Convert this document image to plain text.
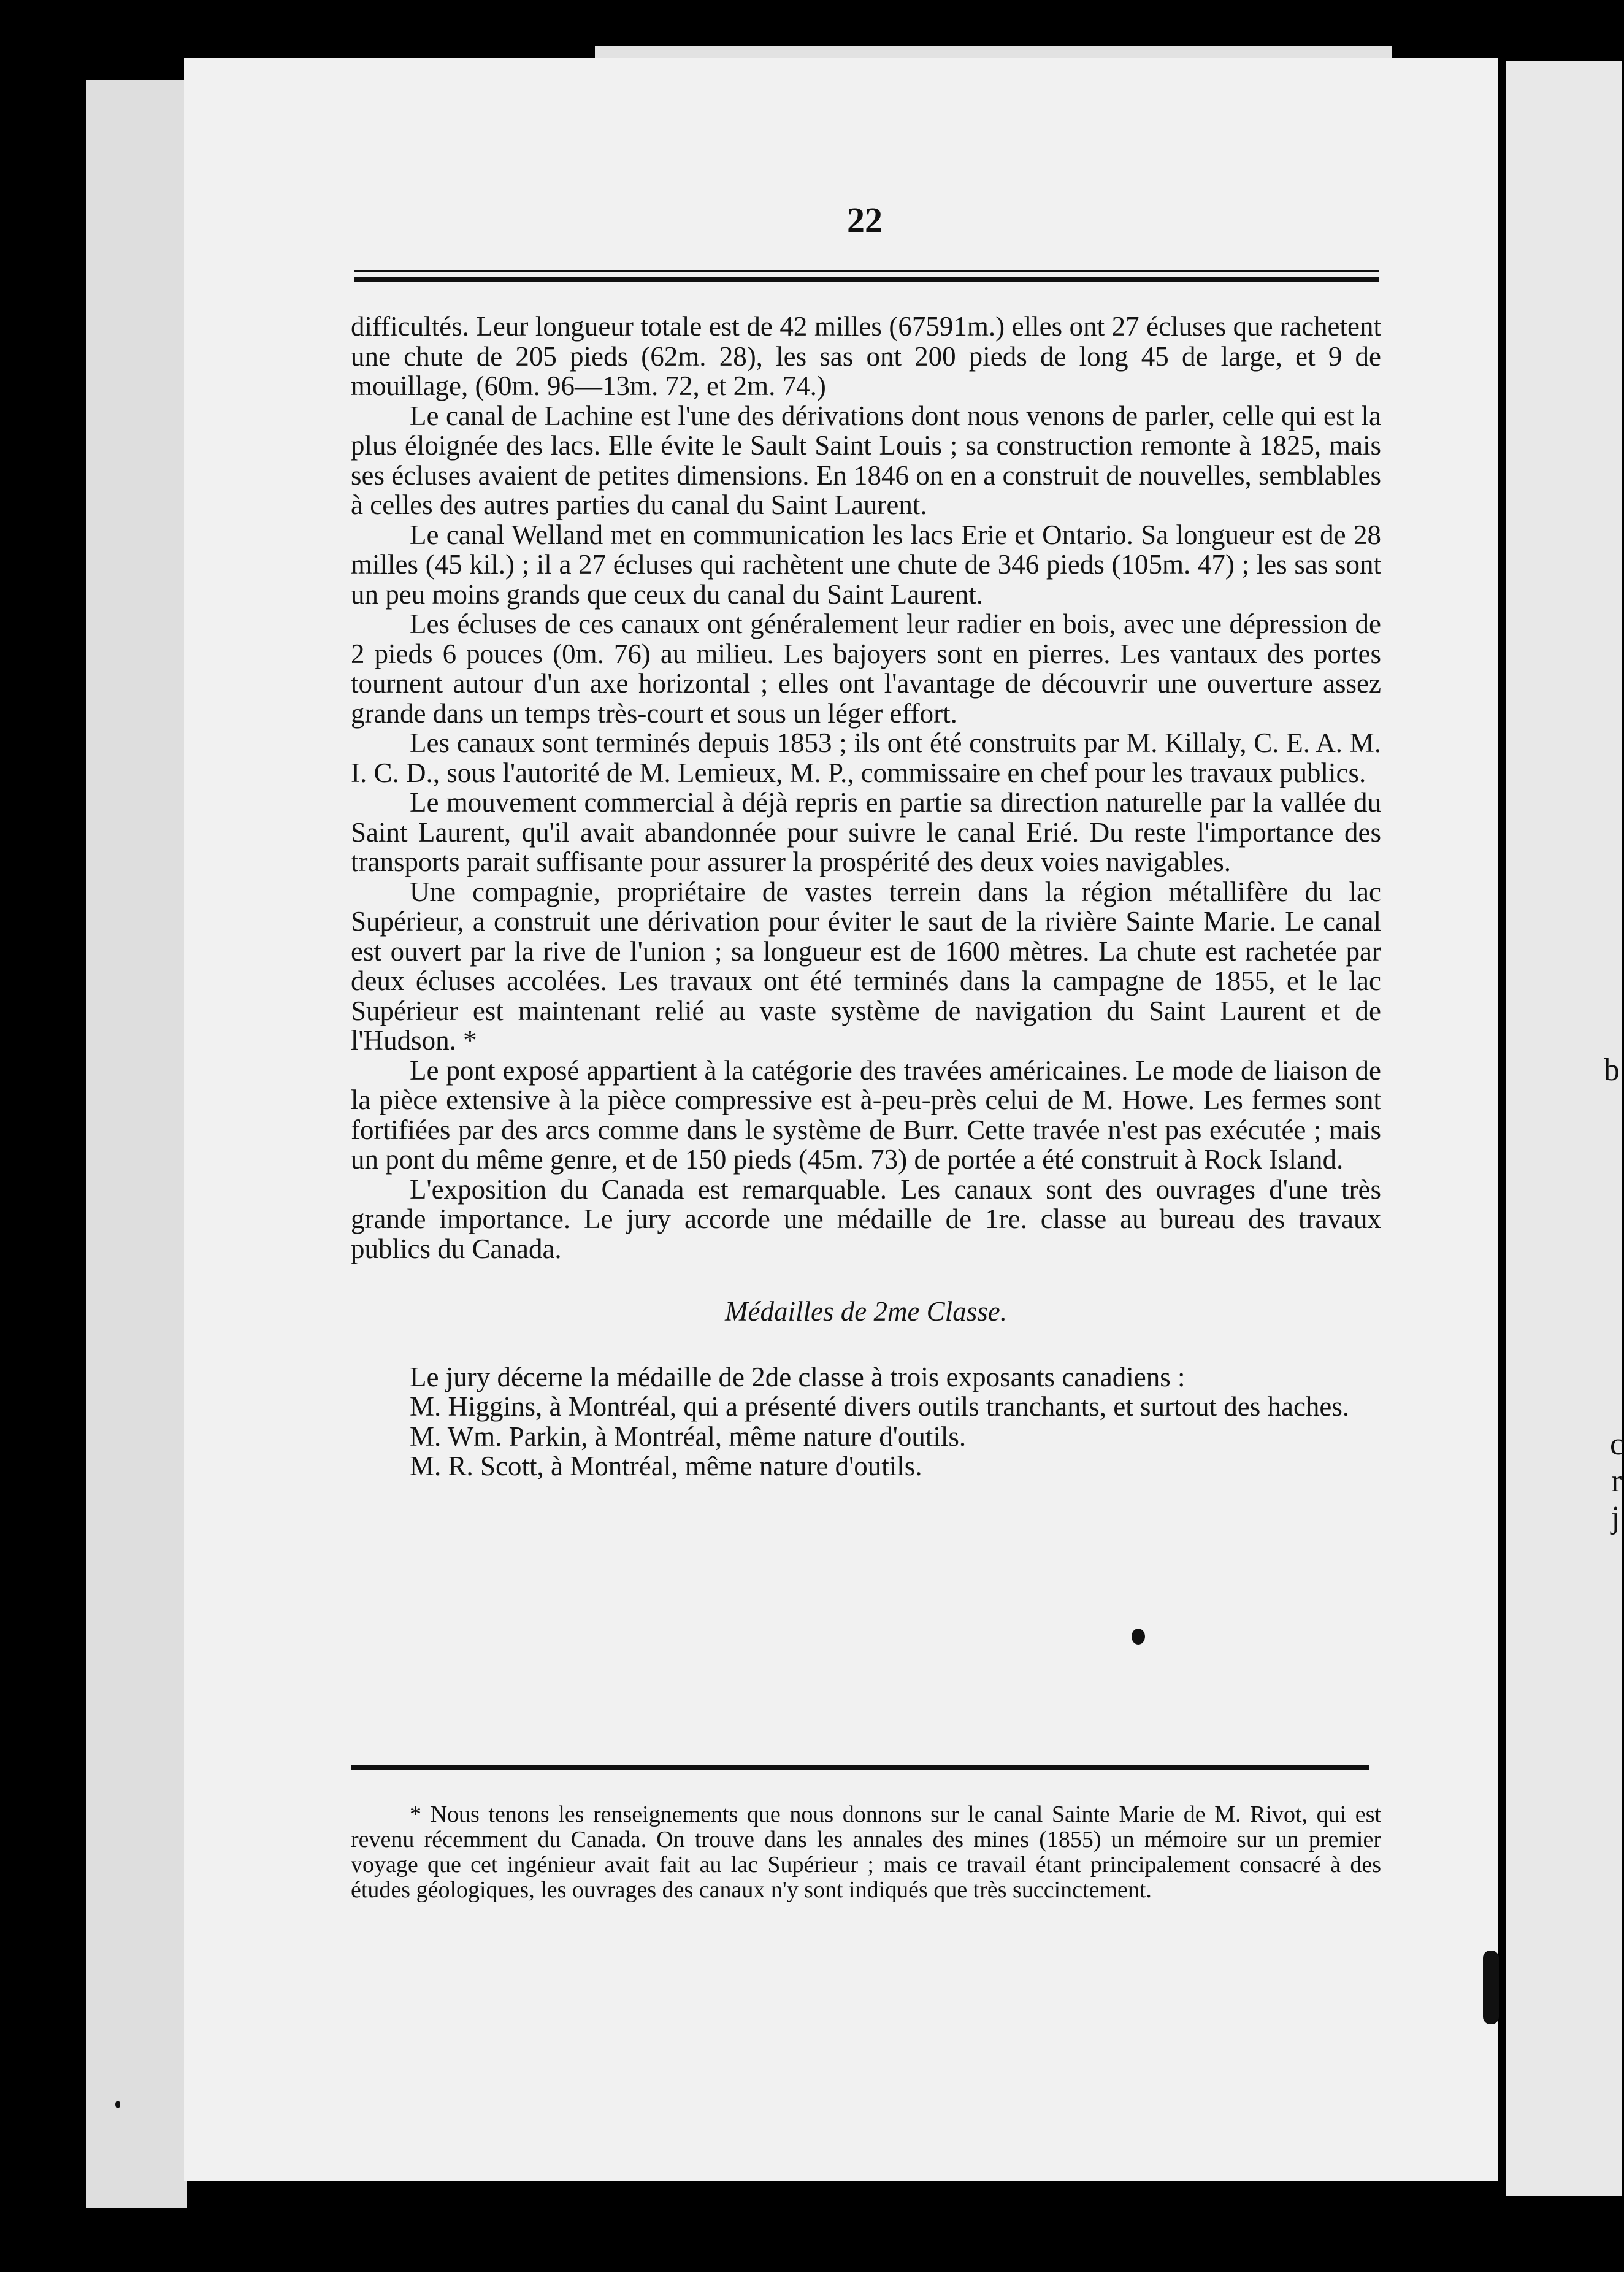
b
c
r
j
22

difficultés. Leur longueur totale est de 42 milles (67591m.) elles ont 27 écluses que rachetent une chute de 205 pieds (62m. 28), les sas ont 200 pieds de long 45 de large, et 9 de mouillage, (60m. 96—13m. 72, et 2m. 74.)

Le canal de Lachine est l'une des dérivations dont nous venons de parler, celle qui est la plus éloignée des lacs. Elle évite le Sault Saint Louis ; sa construction remonte à 1825, mais ses écluses avaient de petites dimensions. En 1846 on en a construit de nouvelles, semblables à celles des autres parties du canal du Saint Laurent.

Le canal Welland met en communication les lacs Erie et Ontario. Sa longueur est de 28 milles (45 kil.) ; il a 27 écluses qui rachètent une chute de 346 pieds (105m. 47) ; les sas sont un peu moins grands que ceux du canal du Saint Laurent.

Les écluses de ces canaux ont généralement leur radier en bois, avec une dépression de 2 pieds 6 pouces (0m. 76) au milieu. Les bajoyers sont en pierres. Les vantaux des portes tournent autour d'un axe horizontal ; elles ont l'avantage de découvrir une ouverture assez grande dans un temps très-court et sous un léger effort.

Les canaux sont terminés depuis 1853 ; ils ont été construits par M. Killaly, C. E. A. M. I. C. D., sous l'autorité de M. Lemieux, M. P., commissaire en chef pour les travaux publics.

Le mouvement commercial à déjà repris en partie sa direction naturelle par la vallée du Saint Laurent, qu'il avait abandonnée pour suivre le canal Erié. Du reste l'importance des transports parait suffisante pour assurer la prospérité des deux voies navigables.

Une compagnie, propriétaire de vastes terrein dans la région métallifère du lac Supérieur, a construit une dérivation pour éviter le saut de la rivière Sainte Marie. Le canal est ouvert par la rive de l'union ; sa longueur est de 1600 mètres. La chute est rachetée par deux écluses accolées. Les travaux ont été terminés dans la campagne de 1855, et le lac Supérieur est maintenant relié au vaste système de navigation du Saint Laurent et de l'Hudson. *

Le pont exposé appartient à la catégorie des travées américaines. Le mode de liaison de la pièce extensive à la pièce compressive est à-peu-près celui de M. Howe. Les fermes sont fortifiées par des arcs comme dans le système de Burr. Cette travée n'est pas exécutée ; mais un pont du même genre, et de 150 pieds (45m. 73) de portée a été construit à Rock Island.

L'exposition du Canada est remarquable. Les canaux sont des ouvrages d'une très grande importance. Le jury accorde une médaille de 1re. classe au bureau des travaux publics du Canada.

Médailles de 2me Classe.

Le jury décerne la médaille de 2de classe à trois exposants canadiens :

M. Higgins, à Montréal, qui a présenté divers outils tranchants, et surtout des haches.

M. Wm. Parkin, à Montréal, même nature d'outils.

M. R. Scott, à Montréal, même nature d'outils.

* Nous tenons les renseignements que nous donnons sur le canal Sainte Marie de M. Rivot, qui est revenu récemment du Canada. On trouve dans les annales des mines (1855) un mémoire sur un premier voyage que cet ingénieur avait fait au lac Supérieur ; mais ce travail étant principalement consacré à des études géologiques, les ouvrages des canaux n'y sont indiqués que très succinctement.
